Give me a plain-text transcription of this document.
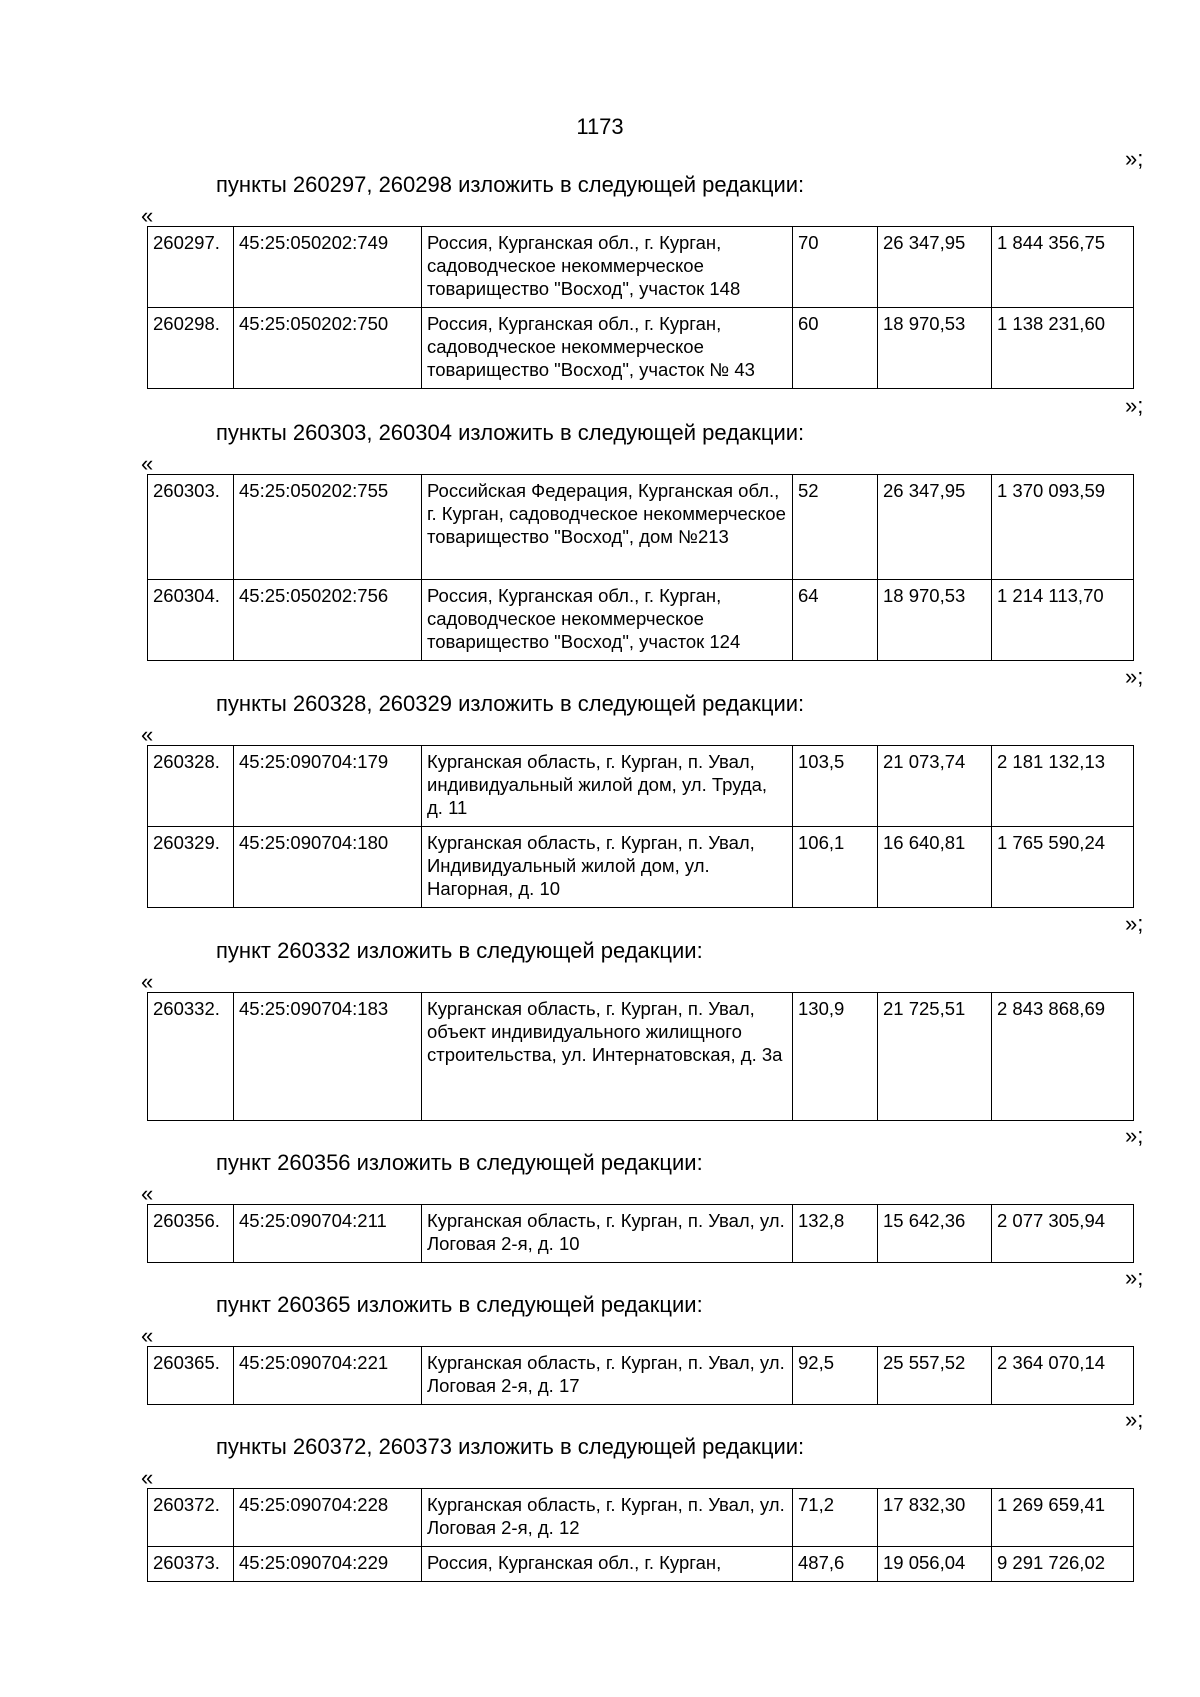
1173
»;
пункты 260297, 260298 изложить в следующей редакции:
«
260297.	45:25:050202:749	Россия, Курганская обл., г. Курган, садоводческое некоммерческое товарищество "Восход", участок 148	70	26 347,95	1 844 356,75
260298.	45:25:050202:750	Россия, Курганская обл., г. Курган, садоводческое некоммерческое товарищество "Восход", участок № 43	60	18 970,53	1 138 231,60
»;
пункты 260303, 260304 изложить в следующей редакции:
«
260303.	45:25:050202:755	Российская Федерация, Курганская обл., г. Курган, садоводческое некоммерческое товарищество "Восход", дом №213	52	26 347,95	1 370 093,59
260304.	45:25:050202:756	Россия, Курганская обл., г. Курган, садоводческое некоммерческое товарищество "Восход", участок 124	64	18 970,53	1 214 113,70
»;
пункты 260328, 260329 изложить в следующей редакции:
«
260328.	45:25:090704:179	Курганская область, г. Курган, п. Увал, индивидуальный жилой дом, ул. Труда, д. 11	103,5	21 073,74	2 181 132,13
260329.	45:25:090704:180	Курганская область, г. Курган, п. Увал, Индивидуальный жилой дом, ул. Нагорная, д. 10	106,1	16 640,81	1 765 590,24
»;
пункт 260332 изложить в следующей редакции:
«
260332.	45:25:090704:183	Курганская область, г. Курган, п. Увал, объект индивидуального жилищного строительства, ул. Интернатовская, д. 3а	130,9	21 725,51	2 843 868,69
»;
пункт 260356 изложить в следующей редакции:
«
260356.	45:25:090704:211	Курганская область, г. Курган, п. Увал, ул. Логовая 2-я, д. 10	132,8	15 642,36	2 077 305,94
»;
пункт 260365 изложить в следующей редакции:
«
260365.	45:25:090704:221	Курганская область, г. Курган, п. Увал, ул. Логовая 2-я, д. 17	92,5	25 557,52	2 364 070,14
»;
пункты 260372, 260373 изложить в следующей редакции:
«
260372.	45:25:090704:228	Курганская область, г. Курган, п. Увал, ул. Логовая 2-я, д. 12	71,2	17 832,30	1 269 659,41
260373.	45:25:090704:229	Россия, Курганская обл., г. Курган,	487,6	19 056,04	9 291 726,02
